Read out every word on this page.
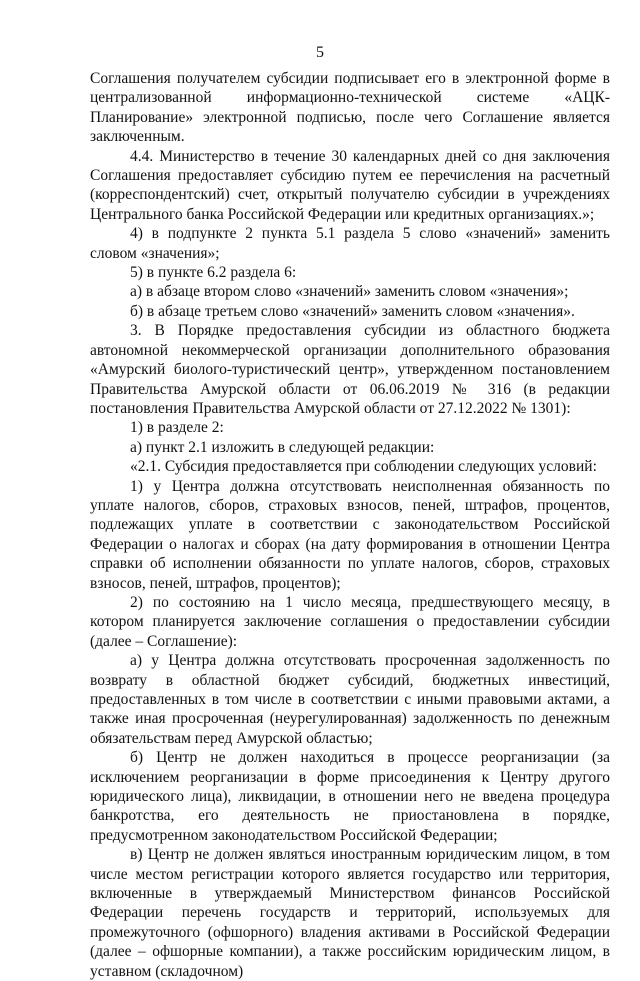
5

Соглашения получателем субсидии подписывает его в электронной форме в централизованной информационно-технической системе «АЦК-Планирование» электронной подписью, после чего Соглашение является заключенным.

4.4. Министерство в течение 30 календарных дней со дня заключения Соглашения предоставляет субсидию путем ее перечисления на расчетный (корреспондентский) счет, открытый получателю субсидии в учреждениях Центрального банка Российской Федерации или кредитных организациях.»;

4) в подпункте 2 пункта 5.1 раздела 5 слово «значений» заменить словом «значения»;

5) в пункте 6.2 раздела 6:

а) в абзаце втором слово «значений» заменить словом «значения»;

б) в абзаце третьем слово «значений» заменить словом «значения».

3. В Порядке предоставления субсидии из областного бюджета автономной некоммерческой организации дополнительного образования «Амурский биолого-туристический центр», утвержденном постановлением Правительства Амурской области от 06.06.2019 № 316 (в редакции постановления Правительства Амурской области от 27.12.2022 № 1301):

1) в разделе 2:

а) пункт 2.1 изложить в следующей редакции:

«2.1. Субсидия предоставляется при соблюдении следующих условий:

1) у Центра должна отсутствовать неисполненная обязанность по уплате налогов, сборов, страховых взносов, пеней, штрафов, процентов, подлежащих уплате в соответствии с законодательством Российской Федерации о налогах и сборах (на дату формирования в отношении Центра справки об исполнении обязанности по уплате налогов, сборов, страховых взносов, пеней, штрафов, процентов);

2) по состоянию на 1 число месяца, предшествующего месяцу, в котором планируется заключение соглашения о предоставлении субсидии (далее – Соглашение):

а) у Центра должна отсутствовать просроченная задолженность по возврату в областной бюджет субсидий, бюджетных инвестиций, предоставленных в том числе в соответствии с иными правовыми актами, а также иная просроченная (неурегулированная) задолженность по денежным обязательствам перед Амурской областью;

б) Центр не должен находиться в процессе реорганизации (за исключением реорганизации в форме присоединения к Центру другого юридического лица), ликвидации, в отношении него не введена процедура банкротства, его деятельность не приостановлена в порядке, предусмотренном законодательством Российской Федерации;

в) Центр не должен являться иностранным юридическим лицом, в том числе местом регистрации которого является государство или территория, включенные в утверждаемый Министерством финансов Российской Федерации перечень государств и территорий, используемых для промежуточного (офшорного) владения активами в Российской Федерации (далее – офшорные компании), а также российским юридическим лицом, в уставном (складочном)
